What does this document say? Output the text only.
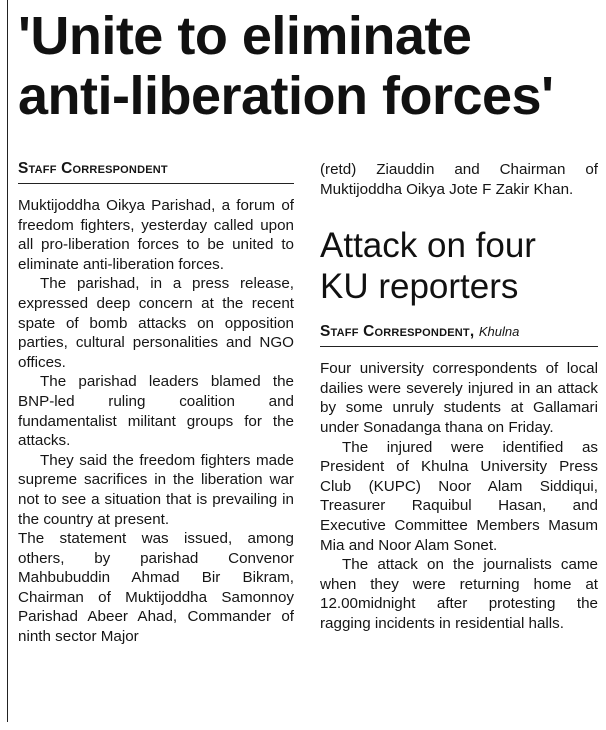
'Unite to eliminate
anti-liberation forces'
Staff Correspondent

Muktijoddha Oikya Parishad, a forum of freedom fighters, yesterday called upon all pro-liberation forces to be united to eliminate anti-liberation forces.

The parishad, in a press release, expressed deep concern at the recent spate of bomb attacks on opposition parties, cultural personalities and NGO offices.

The parishad leaders blamed the BNP-led ruling coalition and fundamentalist militant groups for the attacks.

They said the freedom fighters made supreme sacrifices in the liberation war not to see a situation that is prevailing in the country at present.

The statement was issued, among others, by parishad Convenor Mahbubuddin Ahmad Bir Bikram, Chairman of Muktijoddha Samonnoy Parishad Abeer Ahad, Commander of ninth sector Major

(retd) Ziauddin and Chairman of Muktijoddha Oikya Jote F Zakir Khan.

Attack on four
KU reporters
Staff Correspondent, Khulna

Four university correspondents of local dailies were severely injured in an attack by some unruly students at Gallamari under Sonadanga thana on Friday.

The injured were identified as President of Khulna University Press Club (KUPC) Noor Alam Siddiqui, Treasurer Raquibul Hasan, and Executive Committee Members Masum Mia and Noor Alam Sonet.

The attack on the journalists came when they were returning home at 12.00midnight after protesting the ragging incidents in residential halls.
